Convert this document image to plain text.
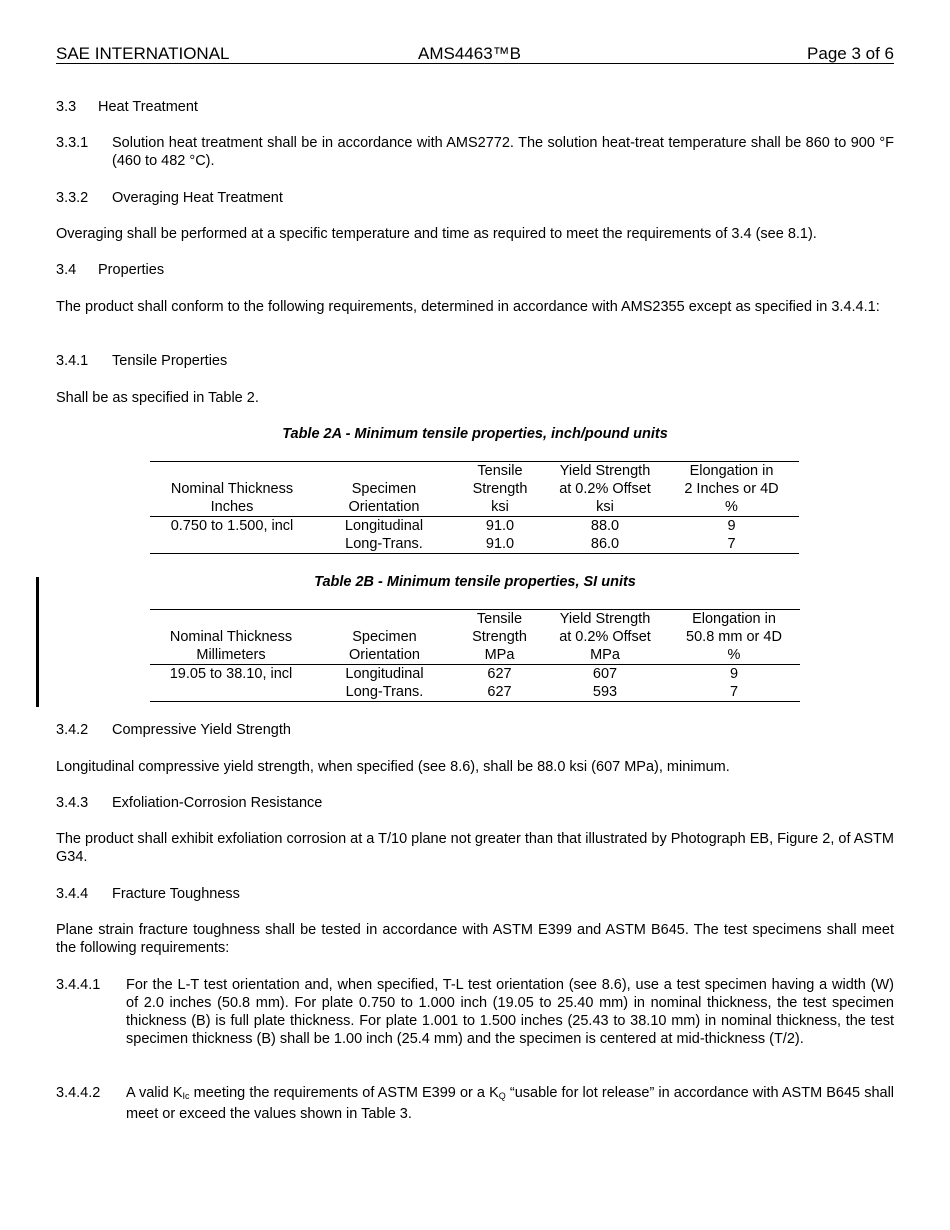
SAE INTERNATIONAL	AMS4463™B	Page 3 of 6
3.3 Heat Treatment
3.3.1 Solution heat treatment shall be in accordance with AMS2772. The solution heat-treat temperature shall be 860 to 900 °F (460 to 482 °C).
3.3.2 Overaging Heat Treatment
Overaging shall be performed at a specific temperature and time as required to meet the requirements of 3.4 (see 8.1).
3.4 Properties
The product shall conform to the following requirements, determined in accordance with AMS2355 except as specified in 3.4.4.1:
3.4.1 Tensile Properties
Shall be as specified in Table 2.
Table 2A - Minimum tensile properties, inch/pound units
		Tensile	Yield Strength	Elongation in
Nominal Thickness	Specimen	Strength	at 0.2% Offset	2 Inches or 4D
Inches	Orientation	ksi	ksi	%
0.750 to 1.500, incl	Longitudinal	91.0	88.0	9
	Long-Trans.	91.0	86.0	7
Table 2B - Minimum tensile properties, SI units
		Tensile	Yield Strength	Elongation in
Nominal Thickness	Specimen	Strength	at 0.2% Offset	50.8 mm or 4D
Millimeters	Orientation	MPa	MPa	%
19.05 to 38.10, incl	Longitudinal	627	607	9
	Long-Trans.	627	593	7
3.4.2 Compressive Yield Strength
Longitudinal compressive yield strength, when specified (see 8.6), shall be 88.0 ksi (607 MPa), minimum.
3.4.3 Exfoliation-Corrosion Resistance
The product shall exhibit exfoliation corrosion at a T/10 plane not greater than that illustrated by Photograph EB, Figure 2, of ASTM G34.
3.4.4 Fracture Toughness
Plane strain fracture toughness shall be tested in accordance with ASTM E399 and ASTM B645. The test specimens shall meet the following requirements:
3.4.4.1 For the L-T test orientation and, when specified, T-L test orientation (see 8.6), use a test specimen having a width (W) of 2.0 inches (50.8 mm). For plate 0.750 to 1.000 inch (19.05 to 25.40 mm) in nominal thickness, the test specimen thickness (B) is full plate thickness. For plate 1.001 to 1.500 inches (25.43 to 38.10 mm) in nominal thickness, the test specimen thickness (B) shall be 1.00 inch (25.4 mm) and the specimen is centered at mid-thickness (T/2).
3.4.4.2 A valid $K_{Ic}$ meeting the requirements of ASTM E399 or a $K_Q$ “usable for lot release” in accordance with ASTM B645 shall meet or exceed the values shown in Table 3.
